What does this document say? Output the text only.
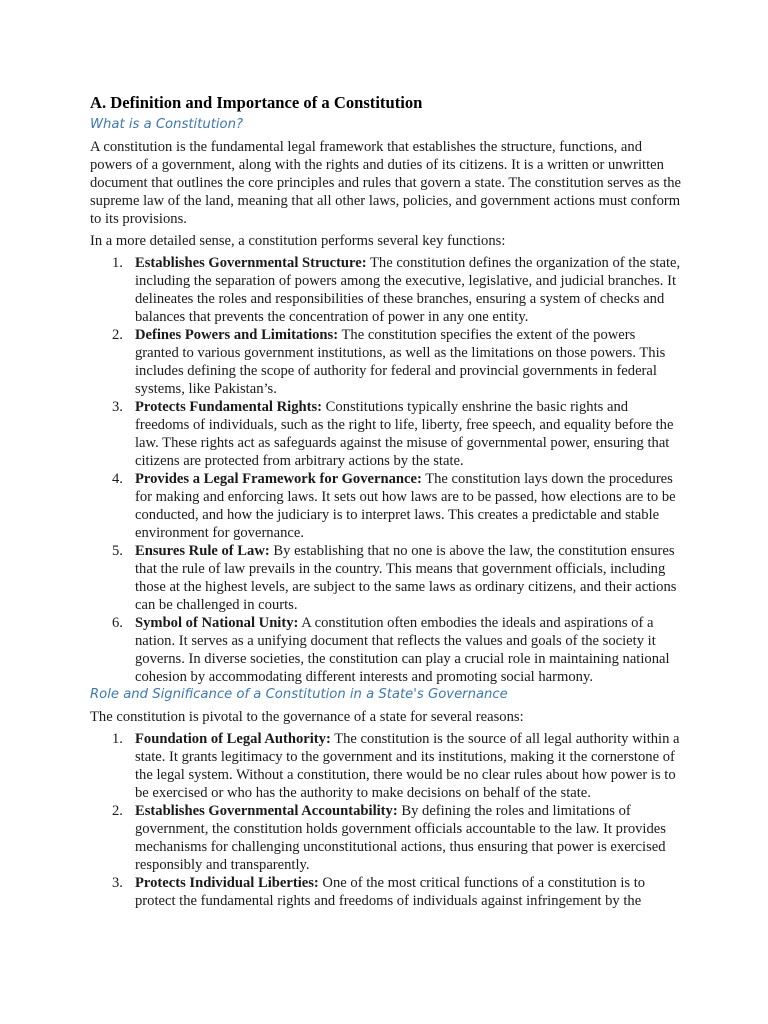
A. Definition and Importance of a Constitution
What is a Constitution?

A constitution is the fundamental legal framework that establishes the structure, functions, and powers of a government, along with the rights and duties of its citizens. It is a written or unwritten document that outlines the core principles and rules that govern a state. The constitution serves as the supreme law of the land, meaning that all other laws, policies, and government actions must conform to its provisions.

In a more detailed sense, a constitution performs several key functions:

1. Establishes Governmental Structure: The constitution defines the organization of the state, including the separation of powers among the executive, legislative, and judicial branches. It delineates the roles and responsibilities of these branches, ensuring a system of checks and balances that prevents the concentration of power in any one entity.
2. Defines Powers and Limitations: The constitution specifies the extent of the powers granted to various government institutions, as well as the limitations on those powers. This includes defining the scope of authority for federal and provincial governments in federal systems, like Pakistan’s.
3. Protects Fundamental Rights: Constitutions typically enshrine the basic rights and freedoms of individuals, such as the right to life, liberty, free speech, and equality before the law. These rights act as safeguards against the misuse of governmental power, ensuring that citizens are protected from arbitrary actions by the state.
4. Provides a Legal Framework for Governance: The constitution lays down the procedures for making and enforcing laws. It sets out how laws are to be passed, how elections are to be conducted, and how the judiciary is to interpret laws. This creates a predictable and stable environment for governance.
5. Ensures Rule of Law: By establishing that no one is above the law, the constitution ensures that the rule of law prevails in the country. This means that government officials, including those at the highest levels, are subject to the same laws as ordinary citizens, and their actions can be challenged in courts.
6. Symbol of National Unity: A constitution often embodies the ideals and aspirations of a nation. It serves as a unifying document that reflects the values and goals of the society it governs. In diverse societies, the constitution can play a crucial role in maintaining national cohesion by accommodating different interests and promoting social harmony.
Role and Significance of a Constitution in a State's Governance

The constitution is pivotal to the governance of a state for several reasons:

1. Foundation of Legal Authority: The constitution is the source of all legal authority within a state. It grants legitimacy to the government and its institutions, making it the cornerstone of the legal system. Without a constitution, there would be no clear rules about how power is to be exercised or who has the authority to make decisions on behalf of the state.
2. Establishes Governmental Accountability: By defining the roles and limitations of government, the constitution holds government officials accountable to the law. It provides mechanisms for challenging unconstitutional actions, thus ensuring that power is exercised responsibly and transparently.
3. Protects Individual Liberties: One of the most critical functions of a constitution is to protect the fundamental rights and freedoms of individuals against infringement by the
